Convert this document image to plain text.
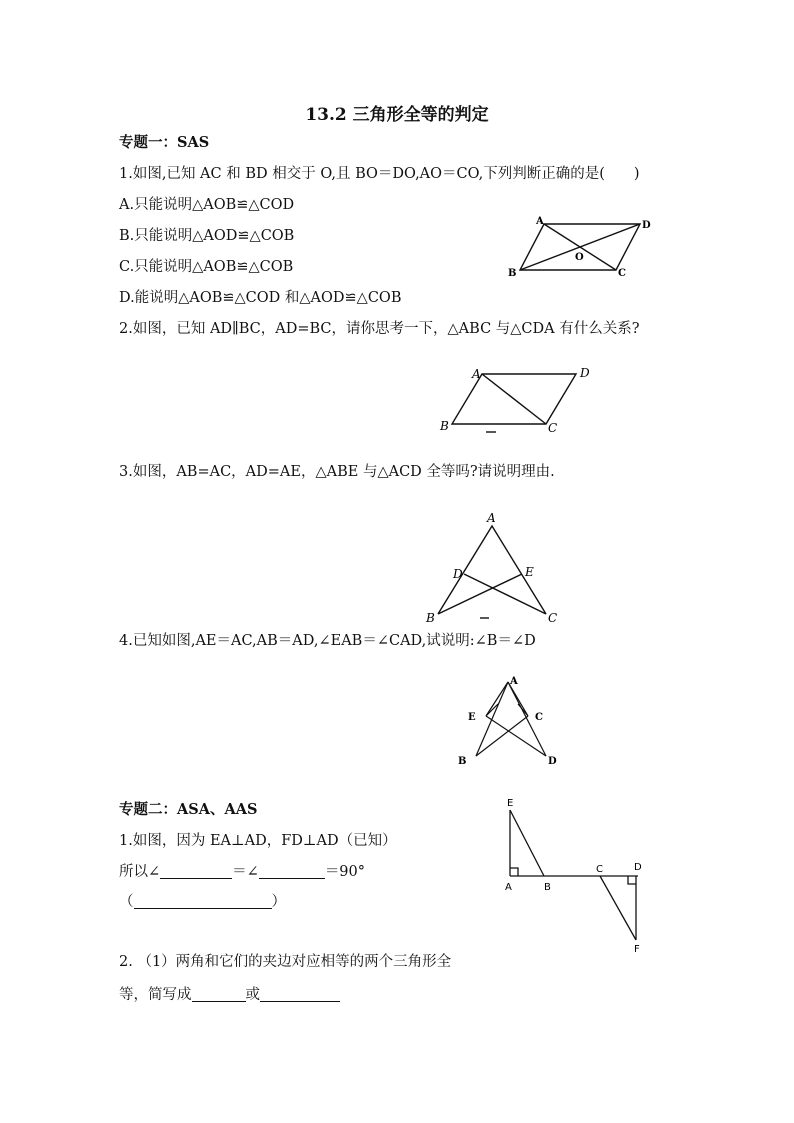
13.2 三角形全等的判定
专题一：SAS
1.如图,已知 AC 和 BD 相交于 O,且 BO＝DO,AO＝CO,下列判断正确的是(　　)
A.只能说明△AOB≌△COD
B.只能说明△AOD≌△COB
C.只能说明△AOB≌△COB
D.能说明△AOB≌△COD 和△AOD≌△COB
A	D
B	C
O
2.如图，已知 AD∥BC，AD=BC，请你思考一下，△ABC 与△CDA 有什么关系?
A	D
B	C
3.如图，AB=AC，AD=AE，△ABE 与△ACD 全等吗?请说明理由.
A
D	E
B	C
4.已知如图,AE＝AC,AB＝AD,∠EAB＝∠CAD,试说明:∠B＝∠D
A
E	C
B	D
专题二：ASA、AAS
1.如图，因为 EA⊥AD，FD⊥AD（已知）
所以∠	＝∠	＝90°
（	）
E
A	B
C	D
F
2. （1）两角和它们的夹边对应相等的两个三角形全
等，简写成	或
